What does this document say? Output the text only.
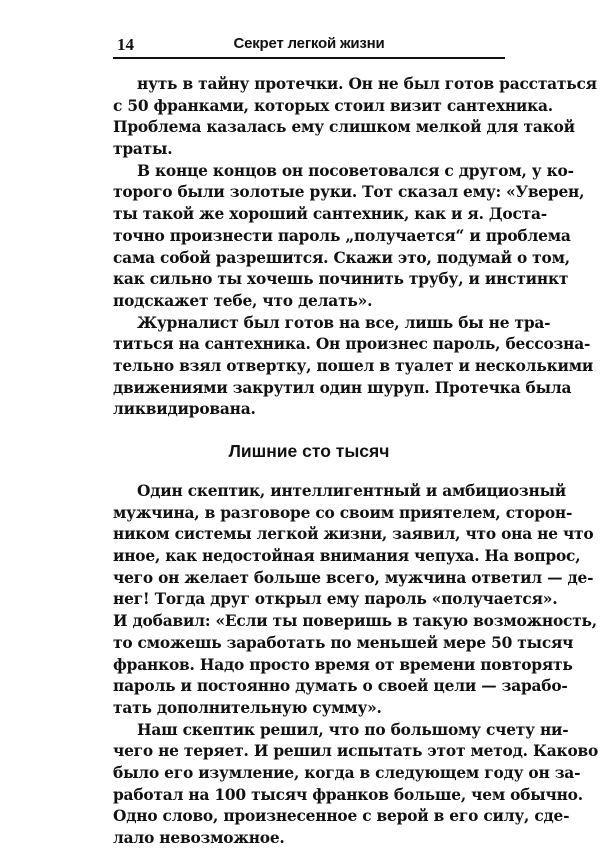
14	Секрет легкой жизни
нуть в тайну протечки. Он не был готов расстаться
с 50 франками, которых стоил визит сантехника.
Проблема казалась ему слишком мелкой для такой
траты.
В конце концов он посоветовался с другом, у ко-
торого были золотые руки. Тот сказал ему: «Уверен,
ты такой же хороший сантехник, как и я. Доста-
точно произнести пароль „получается“ и проблема
сама собой разрешится. Скажи это, подумай о том,
как сильно ты хочешь починить трубу, и инстинкт
подскажет тебе, что делать».
Журналист был готов на все, лишь бы не тра-
титься на сантехника. Он произнес пароль, бессозна-
тельно взял отвертку, пошел в туалет и несколькими
движениями закрутил один шуруп. Протечка была
ликвидирована.
Лишние сто тысяч
Один скептик, интеллигентный и амбициозный
мужчина, в разговоре со своим приятелем, сторон-
ником системы легкой жизни, заявил, что она не что
иное, как недостойная внимания чепуха. На вопрос,
чего он желает больше всего, мужчина ответил — де-
нег! Тогда друг открыл ему пароль «получается».
И добавил: «Если ты поверишь в такую возможность,
то сможешь заработать по меньшей мере 50 тысяч
франков. Надо просто время от времени повторять
пароль и постоянно думать о своей цели — зарабо-
тать дополнительную сумму».
Наш скептик решил, что по большому счету ни-
чего не теряет. И решил испытать этот метод. Каково
было его изумление, когда в следующем году он за-
работал на 100 тысяч франков больше, чем обычно.
Одно слово, произнесенное с верой в его силу, сде-
лало невозможное.
